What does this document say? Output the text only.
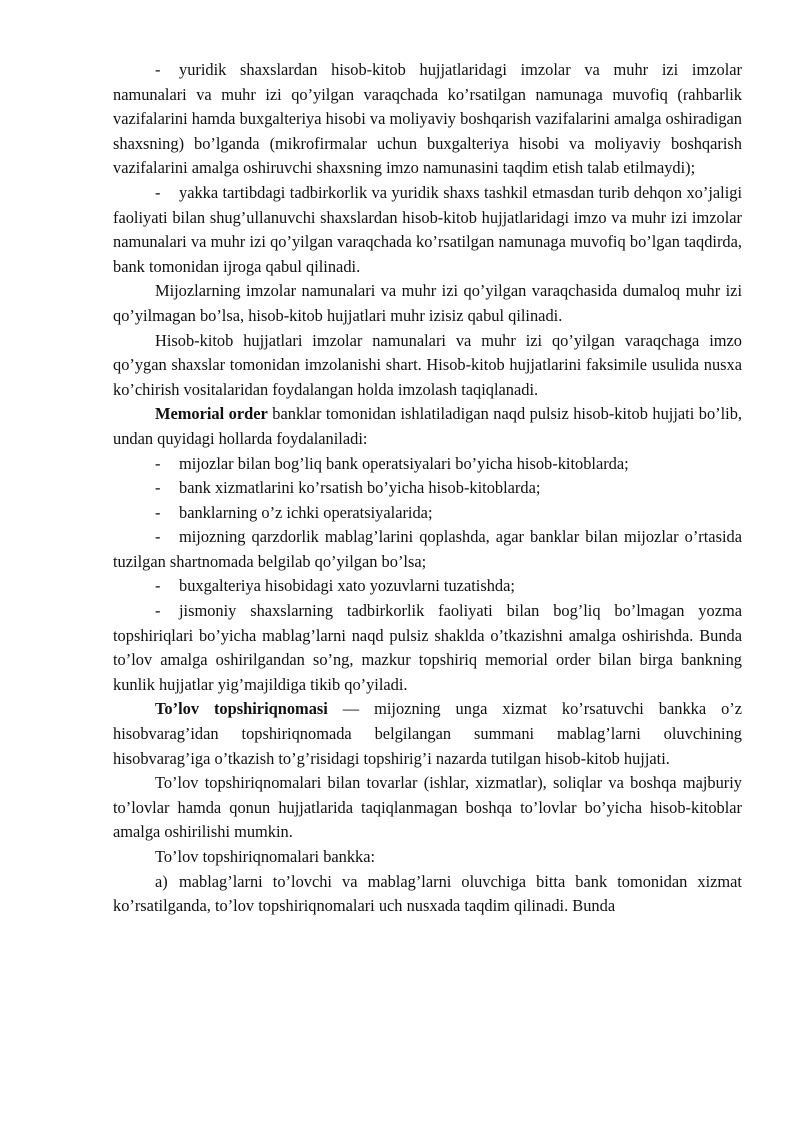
- yuridik shaxslardan hisob-kitob hujjatlaridagi imzolar va muhr izi imzolar namunalari va muhr izi qo’yilgan varaqchada ko’rsatilgan namunaga muvofiq (rahbarlik vazifalarini hamda buxgalteriya hisobi va moliyaviy boshqarish vazifalarini amalga oshiradigan shaxsning) bo’lganda (mikrofirmalar uchun buxgalteriya hisobi va moliyaviy boshqarish vazifalarini amalga oshiruvchi shaxsning imzo namunasini taqdim etish talab etilmaydi);

- yakka tartibdagi tadbirkorlik va yuridik shaxs tashkil etmasdan turib dehqon xo’jaligi faoliyati bilan shug’ullanuvchi shaxslardan hisob-kitob hujjatlaridagi imzo va muhr izi imzolar namunalari va muhr izi qo’yilgan varaqchada ko’rsatilgan namunaga muvofiq bo’lgan taqdirda, bank tomonidan ijroga qabul qilinadi.

Mijozlarning imzolar namunalari va muhr izi qo’yilgan varaqchasida dumaloq muhr izi qo’yilmagan bo’lsa, hisob-kitob hujjatlari muhr izisiz qabul qilinadi.

Hisob-kitob hujjatlari imzolar namunalari va muhr izi qo’yilgan varaqchaga imzo qo’ygan shaxslar tomonidan imzolanishi shart. Hisob-kitob hujjatlarini faksimile usulida nusxa ko’chirish vositalaridan foydalangan holda imzolash taqiqlanadi.

Memorial order banklar tomonidan ishlatiladigan naqd pulsiz hisob-kitob hujjati bo’lib, undan quyidagi hollarda foydalaniladi:

- mijozlar bilan bog’liq bank operatsiyalari bo’yicha hisob-kitoblarda;

- bank xizmatlarini ko’rsatish bo’yicha hisob-kitoblarda;

- banklarning o’z ichki operatsiyalarida;

- mijozning qarzdorlik mablag’larini qoplashda, agar banklar bilan mijozlar o’rtasida tuzilgan shartnomada belgilab qo’yilgan bo’lsa;

- buxgalteriya hisobidagi xato yozuvlarni tuzatishda;

- jismoniy shaxslarning tadbirkorlik faoliyati bilan bog’liq bo’lmagan yozma topshiriqlari bo’yicha mablag’larni naqd pulsiz shaklda o’tkazishni amalga oshirishda. Bunda to’lov amalga oshirilgandan so’ng, mazkur topshiriq memorial order bilan birga bankning kunlik hujjatlar yig’majildiga tikib qo’yiladi.

To’lov topshiriqnomasi — mijozning unga xizmat ko’rsatuvchi bankka o’z hisobvarag’idan topshiriqnomada belgilangan summani mablag’larni oluvchining hisobvarag’iga o’tkazish to’g’risidagi topshirig’i nazarda tutilgan hisob-kitob hujjati.

To’lov topshiriqnomalari bilan tovarlar (ishlar, xizmatlar), soliqlar va boshqa majburiy to’lovlar hamda qonun hujjatlarida taqiqlanmagan boshqa to’lovlar bo’yicha hisob-kitoblar amalga oshirilishi mumkin.

To’lov topshiriqnomalari bankka:

a) mablag’larni to’lovchi va mablag’larni oluvchiga bitta bank tomonidan xizmat ko’rsatilganda, to’lov topshiriqnomalari uch nusxada taqdim qilinadi. Bunda
